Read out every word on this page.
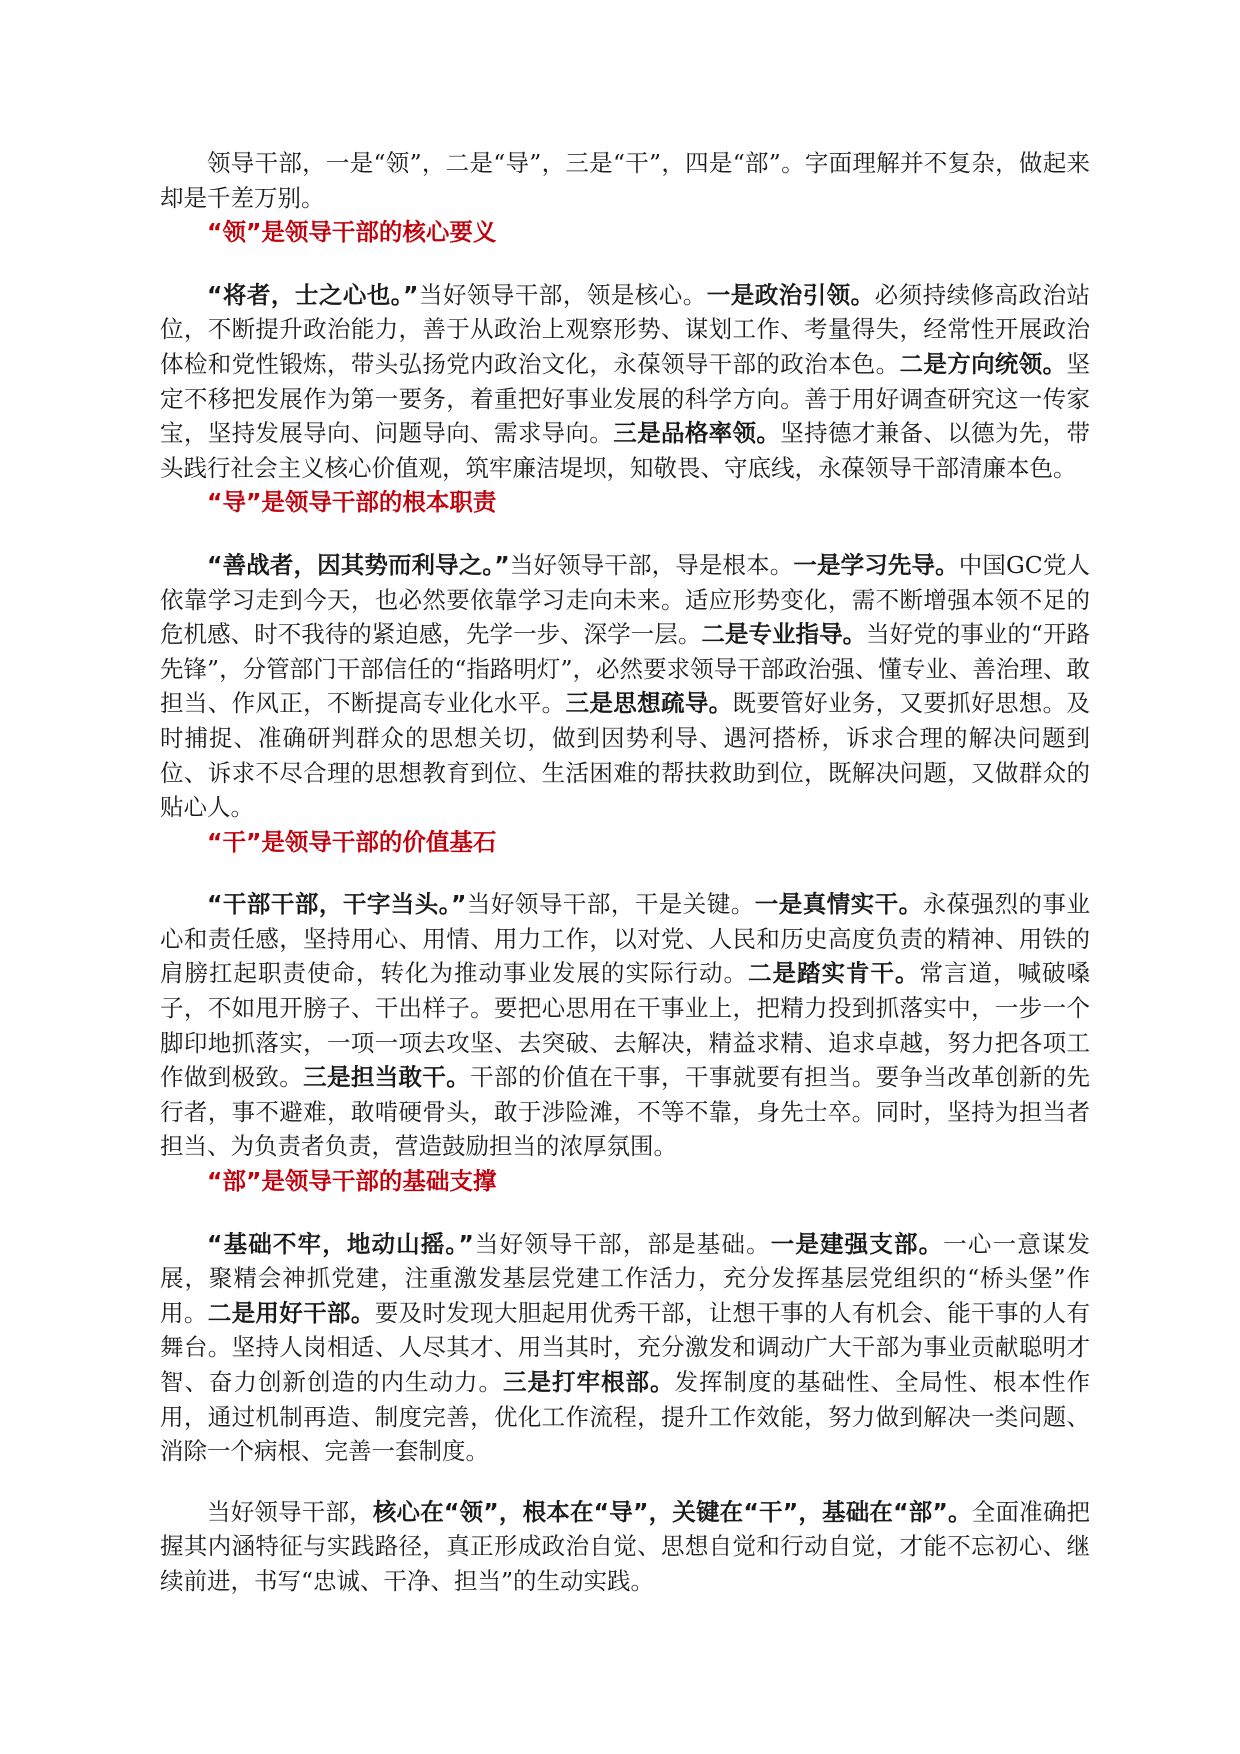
领导干部，一是“领”，二是“导”，三是“干”，四是“部”。字面理解并不复杂，做起来却是千差万别。

“领”是领导干部的核心要义

“将者，士之心也。”当好领导干部，领是核心。一是政治引领。必须持续修高政治站位，不断提升政治能力，善于从政治上观察形势、谋划工作、考量得失，经常性开展政治体检和党性锻炼，带头弘扬党内政治文化，永葆领导干部的政治本色。二是方向统领。坚定不移把发展作为第一要务，着重把好事业发展的科学方向。善于用好调查研究这一传家宝，坚持发展导向、问题导向、需求导向。三是品格率领。坚持德才兼备、以德为先，带头践行社会主义核心价值观，筑牢廉洁堤坝，知敬畏、守底线，永葆领导干部清廉本色。

“导”是领导干部的根本职责

“善战者，因其势而利导之。”当好领导干部，导是根本。一是学习先导。中国GC党人依靠学习走到今天，也必然要依靠学习走向未来。适应形势变化，需不断增强本领不足的危机感、时不我待的紧迫感，先学一步、深学一层。二是专业指导。当好党的事业的“开路先锋”，分管部门干部信任的“指路明灯”，必然要求领导干部政治强、懂专业、善治理、敢担当、作风正，不断提高专业化水平。三是思想疏导。既要管好业务，又要抓好思想。及时捕捉、准确研判群众的思想关切，做到因势利导、遇河搭桥，诉求合理的解决问题到位、诉求不尽合理的思想教育到位、生活困难的帮扶救助到位，既解决问题，又做群众的贴心人。

“干”是领导干部的价值基石

“干部干部，干字当头。”当好领导干部，干是关键。一是真情实干。永葆强烈的事业心和责任感，坚持用心、用情、用力工作，以对党、人民和历史高度负责的精神、用铁的肩膀扛起职责使命，转化为推动事业发展的实际行动。二是踏实肯干。常言道，喊破嗓子，不如甩开膀子、干出样子。要把心思用在干事业上，把精力投到抓落实中，一步一个脚印地抓落实，一项一项去攻坚、去突破、去解决，精益求精、追求卓越，努力把各项工作做到极致。三是担当敢干。干部的价值在干事，干事就要有担当。要争当改革创新的先行者，事不避难，敢啃硬骨头，敢于涉险滩，不等不靠，身先士卒。同时，坚持为担当者担当、为负责者负责，营造鼓励担当的浓厚氛围。

“部”是领导干部的基础支撑

“基础不牢，地动山摇。”当好领导干部，部是基础。一是建强支部。一心一意谋发展，聚精会神抓党建，注重激发基层党建工作活力，充分发挥基层党组织的“桥头堡”作用。二是用好干部。要及时发现大胆起用优秀干部，让想干事的人有机会、能干事的人有舞台。坚持人岗相适、人尽其才、用当其时，充分激发和调动广大干部为事业贡献聪明才智、奋力创新创造的内生动力。三是打牢根部。发挥制度的基础性、全局性、根本性作用，通过机制再造、制度完善，优化工作流程，提升工作效能，努力做到解决一类问题、消除一个病根、完善一套制度。

当好领导干部，核心在“领”，根本在“导”，关键在“干”，基础在“部”。全面准确把握其内涵特征与实践路径，真正形成政治自觉、思想自觉和行动自觉，才能不忘初心、继续前进，书写“忠诚、干净、担当”的生动实践。
